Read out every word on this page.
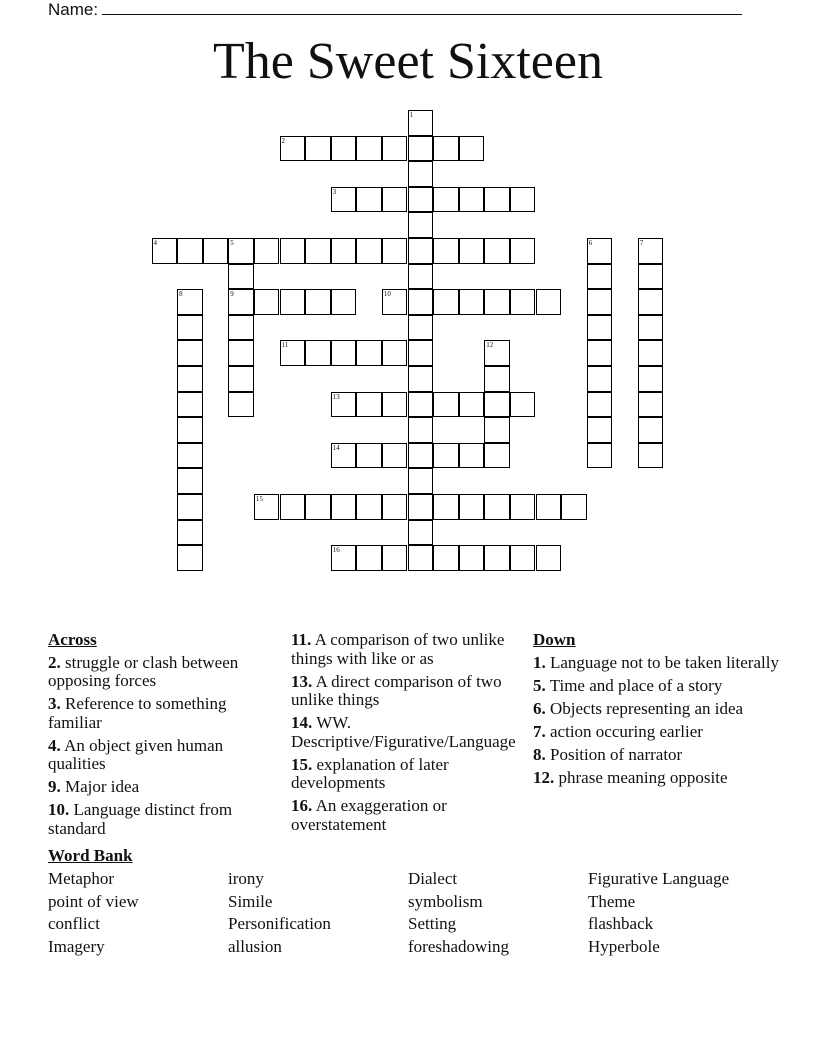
Name:
The Sweet Sixteen
1
2
3
4	5
9
6	7
8	10
11	12
13
14
15
16
Across
2. struggle or clash between opposing forces
3. Reference to something familiar
4. An object given human qualities
9. Major idea
10. Language distinct from standard
11. A comparison of two unlike things with like or as
13. A direct comparison of two unlike things
14. WW. Descriptive/Figurative/Language
15. explanation of later developments
16. An exaggeration or overstatement
Down
1. Language not to be taken literally
5. Time and place of a story
6. Objects representing an idea
7. action occuring earlier
8. Position of narrator
12. phrase meaning opposite
Word Bank
Metaphor	irony	Dialect	Figurative Language
point of view	Simile	symbolism	Theme
conflict	Personification	Setting	flashback
Imagery	allusion	foreshadowing	Hyperbole
